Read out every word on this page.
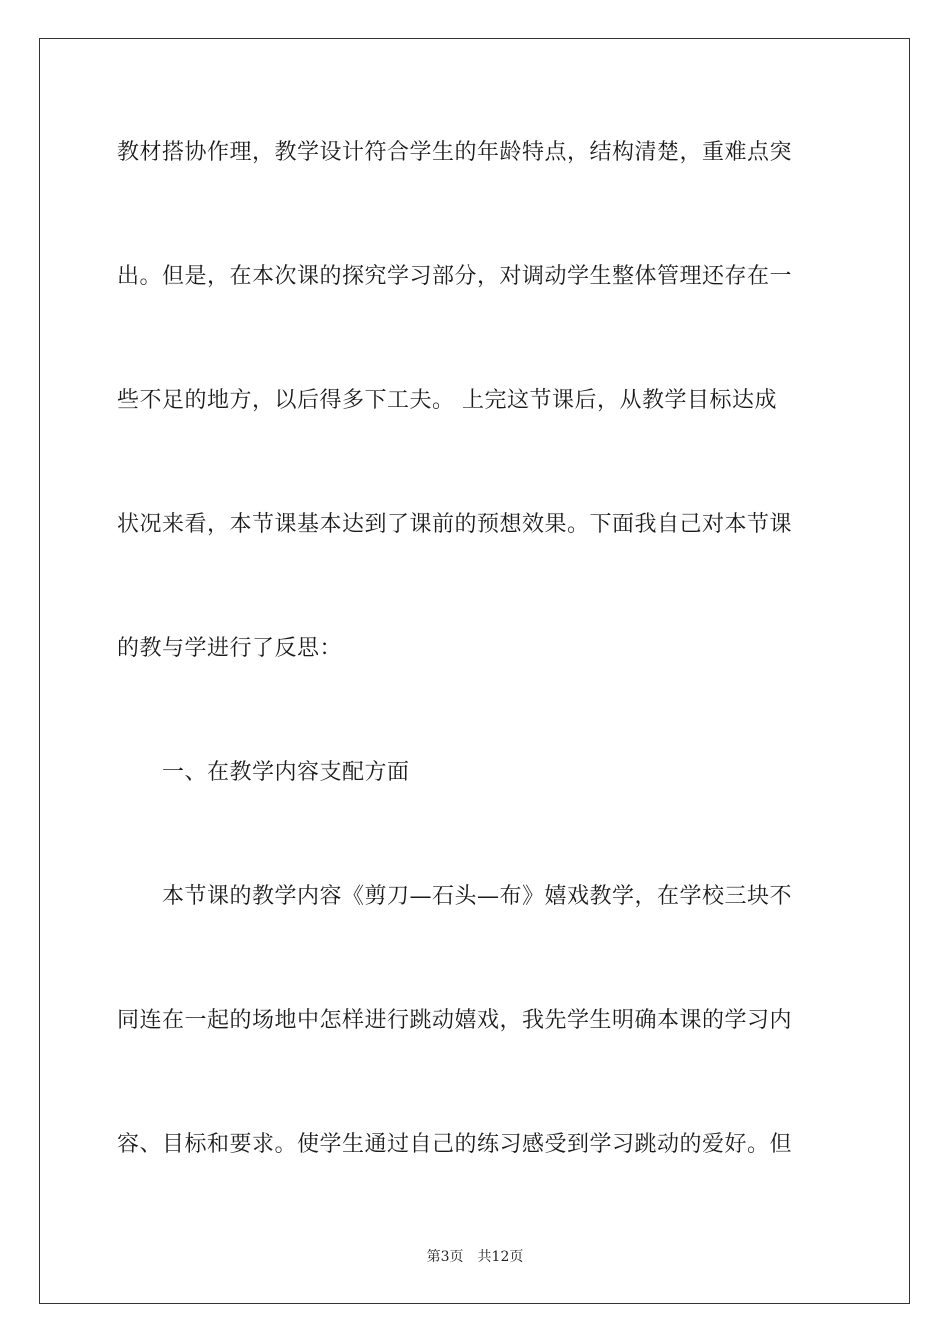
教材搭协作理，教学设计符合学生的年龄特点，结构清楚，重难点突
出。但是，在本次课的探究学习部分，对调动学生整体管理还存在一
些不足的地方，以后得多下工夫。 上完这节课后，从教学目标达成
状况来看，本节课基本达到了课前的预想效果。下面我自己对本节课
的教与学进行了反思：
　　一、在教学内容支配方面
　　本节课的教学内容《剪刀—石头—布》嬉戏教学，在学校三块不
同连在一起的场地中怎样进行跳动嬉戏，我先学生明确本课的学习内
容、目标和要求。使学生通过自己的练习感受到学习跳动的爱好。但
第3页 共12页
